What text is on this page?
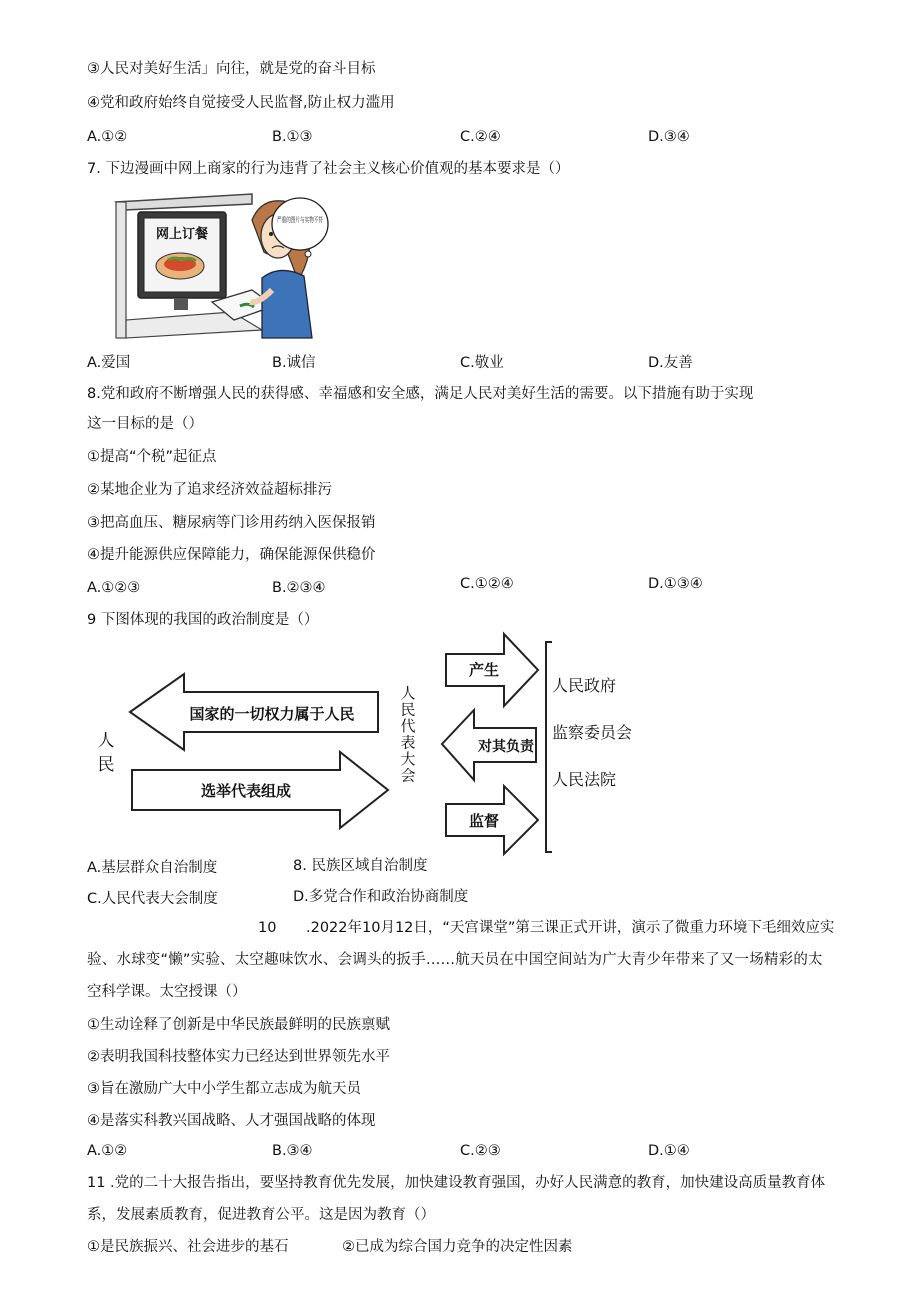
③人民对美好生活」向往，就是党的奋斗目标
④党和政府始终自觉接受人民监督,防止权力滥用
A.①②	B.①③	C.②④	D.③④
7. 下边漫画中网上商家的行为违背了社会主义核心价值观的基本要求是（）
网上订餐
严重的图片与实物不符
A.爱国	B.诚信	C.敬业	D.友善
8.党和政府不断增强人民的获得感、幸福感和安全感，满足人民对美好生活的需要。以下措施有助于实现
这一目标的是（）
①提高“个税”起征点
②某地企业为了追求经济效益超标排污
③把高血压、糖尿病等门诊用药纳入医保报销
④提升能源供应保障能力，确保能源保供稳价
A.①②③	B.②③④	C.①②④	D.①③④
9 下图体现的我国的政治制度是（）
人
民
国家的一切权力属于人民
选举代表组成
人
民
代
表
大
会
产生
对其负责
监督
人民政府
监察委员会
人民法院
A.基层群众自治制度	8. 民族区域自治制度
C.人民代表大会制度	D.多党合作和政治协商制度
10 .2022年10月12日，“天宫课堂”第三课正式开讲，演示了微重力环境下毛细效应实
验、水球变“懒”实验、太空趣味饮水、会调头的扳手……航天员在中国空间站为广大青少年带来了又一场精彩的太
空科学课。太空授课（）
①生动诠释了创新是中华民族最鲜明的民族禀赋
②表明我国科技整体实力已经达到世界领先水平
③旨在激励广大中小学生都立志成为航天员
④是落实科教兴国战略、人才强国战略的体现
A.①②	B.③④	C.②③	D.①④
11 .党的二十大报告指出，要坚持教育优先发展，加快建设教育强国，办好人民满意的教育，加快建设高质量教育体
系，发展素质教育，促进教育公平。这是因为教育（）
①是民族振兴、社会进步的基石	②已成为综合国力竞争的决定性因素
